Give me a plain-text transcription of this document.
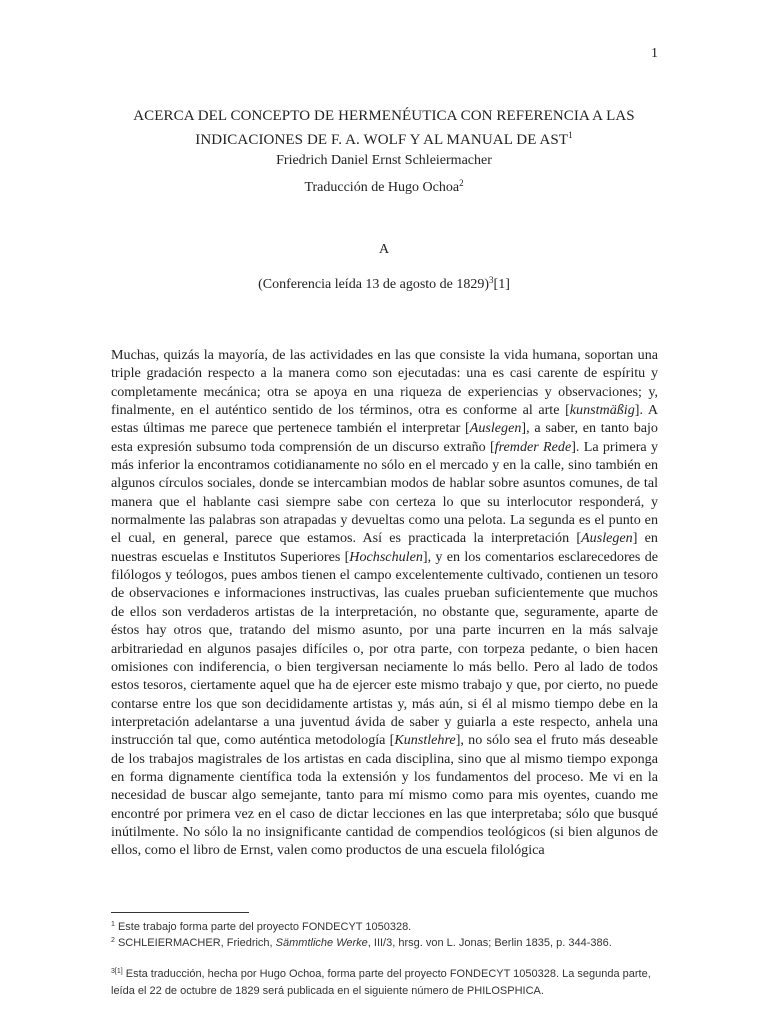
1
ACERCA DEL CONCEPTO DE HERMENÉUTICA CON REFERENCIA A LAS
INDICACIONES DE F. A. WOLF Y AL MANUAL DE AST$^1$
Friedrich Daniel Ernst Schleiermacher
Traducción de Hugo Ochoa$^2$
A
(Conferencia leída 13 de agosto de 1829)$^3$[1]
Muchas, quizás la mayoría, de las actividades en las que consiste la vida humana, soportan una triple gradación respecto a la manera como son ejecutadas: una es casi carente de espíritu y completamente mecánica; otra se apoya en una riqueza de experiencias y observaciones; y, finalmente, en el auténtico sentido de los términos, otra es conforme al arte [kunstmäßig]. A estas últimas me parece que pertenece también el interpretar [Auslegen], a saber, en tanto bajo esta expresión subsumo toda comprensión de un discurso extraño [fremder Rede]. La primera y más inferior la encontramos cotidianamente no sólo en el mercado y en la calle, sino también en algunos círculos sociales, donde se intercambian modos de hablar sobre asuntos comunes, de tal manera que el hablante casi siempre sabe con certeza lo que su interlocutor responderá, y normalmente las palabras son atrapadas y devueltas como una pelota. La segunda es el punto en el cual, en general, parece que estamos. Así es practicada la interpretación [Auslegen] en nuestras escuelas e Institutos Superiores [Hochschulen], y en los comentarios esclarecedores de filólogos y teólogos, pues ambos tienen el campo excelentemente cultivado, contienen un tesoro de observaciones e informaciones instructivas, las cuales prueban suficientemente que muchos de ellos son verdaderos artistas de la interpretación, no obstante que, seguramente, aparte de éstos hay otros que, tratando del mismo asunto, por una parte incurren en la más salvaje arbitrariedad en algunos pasajes difíciles o, por otra parte, con torpeza pedante, o bien hacen omisiones con indiferencia, o bien tergiversan neciamente lo más bello. Pero al lado de todos estos tesoros, ciertamente aquel que ha de ejercer este mismo trabajo y que, por cierto, no puede contarse entre los que son decididamente artistas y, más aún, si él al mismo tiempo debe en la interpretación adelantarse a una juventud ávida de saber y guiarla a este respecto, anhela una instrucción tal que, como auténtica metodología [Kunstlehre], no sólo sea el fruto más deseable de los trabajos magistrales de los artistas en cada disciplina, sino que al mismo tiempo exponga en forma dignamente científica toda la extensión y los fundamentos del proceso. Me vi en la necesidad de buscar algo semejante, tanto para mí mismo como para mis oyentes, cuando me encontré por primera vez en el caso de dictar lecciones en las que interpretaba; sólo que busqué inútilmente. No sólo la no insignificante cantidad de compendios teológicos (si bien algunos de ellos, como el libro de Ernst, valen como productos de una escuela filológica
$^1$ Este trabajo forma parte del proyecto FONDECYT 1050328.
$^2$ SCHLEIERMACHER, Friedrich, Sämmtliche Werke, III/3, hrsg. von L. Jonas; Berlin 1835, p. 344-386.
$^{3[1]}$ Esta traducción, hecha por Hugo Ochoa, forma parte del proyecto FONDECYT 1050328. La segunda parte, leída el 22 de octubre de 1829 será publicada en el siguiente número de PHILOSPHICA.
